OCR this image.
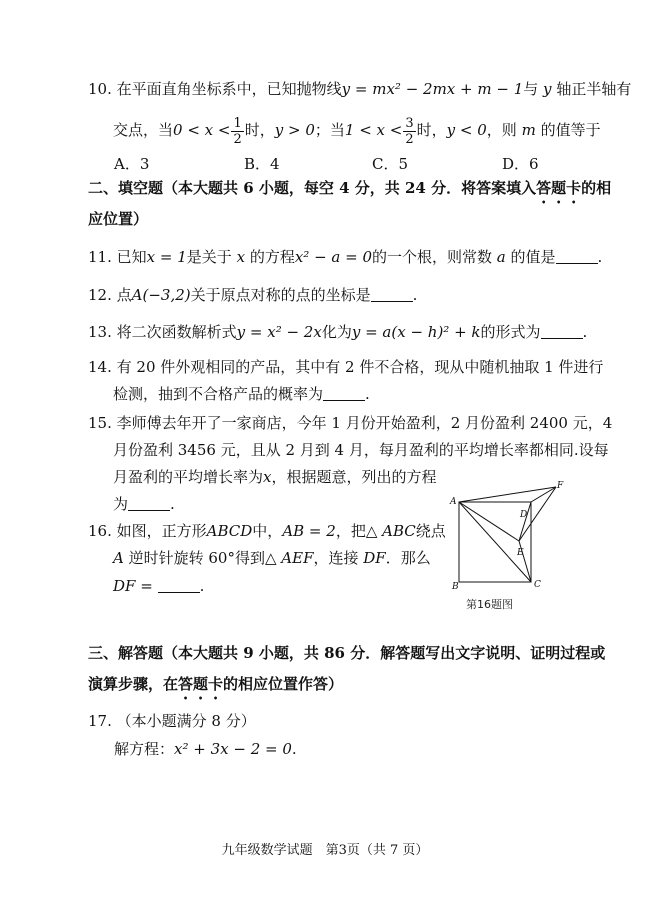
10. 在平面直角坐标系中，已知抛物线y = mx² − 2mx + m − 1与 y 轴正半轴有
交点，当$0 < x < \frac{1}{2}$ 时，y > 0；当$1 < x < \frac{3}{2}$ 时，y < 0，则 m 的值等于
A．3	B．4	C．5	D．6
二、填空题（本大题共 6 小题，每空 4 分，共 24 分．将答案填入答题卡的相
应位置）
11. 已知x = 1是关于 x 的方程x² − a = 0的一个根，则常数 a 的值是	.
12. 点A(−3,2)关于原点对称的点的坐标是	.
13. 将二次函数解析式y = x² − 2x化为y = a(x − h)² + k的形式为	.
14. 有 20 件外观相同的产品，其中有 2 件不合格，现从中随机抽取 1 件进行
检测，抽到不合格产品的概率为	.
15. 李师傅去年开了一家商店，今年 1 月份开始盈利，2 月份盈利 2400 元，4
月份盈利 3456 元，且从 2 月到 4 月，每月盈利的平均增长率都相同.设每
月盈利的平均增长率为x，根据题意，列出的方程
为	.
16. 如图，正方形ABCD中，AB = 2，把△ ABC绕点
A 逆时针旋转 60°得到△ AEF，连接 DF．那么
DF =	.
A
B	C
D
E
F
第16题图
三、解答题（本大题共 9 小题，共 86 分．解答题写出文字说明、证明过程或
演算步骤，在答题卡的相应位置作答）
17. （本小题满分 8 分）
解方程：x² + 3x − 2 = 0.
九年级数学试题　第3页（共 7 页）
